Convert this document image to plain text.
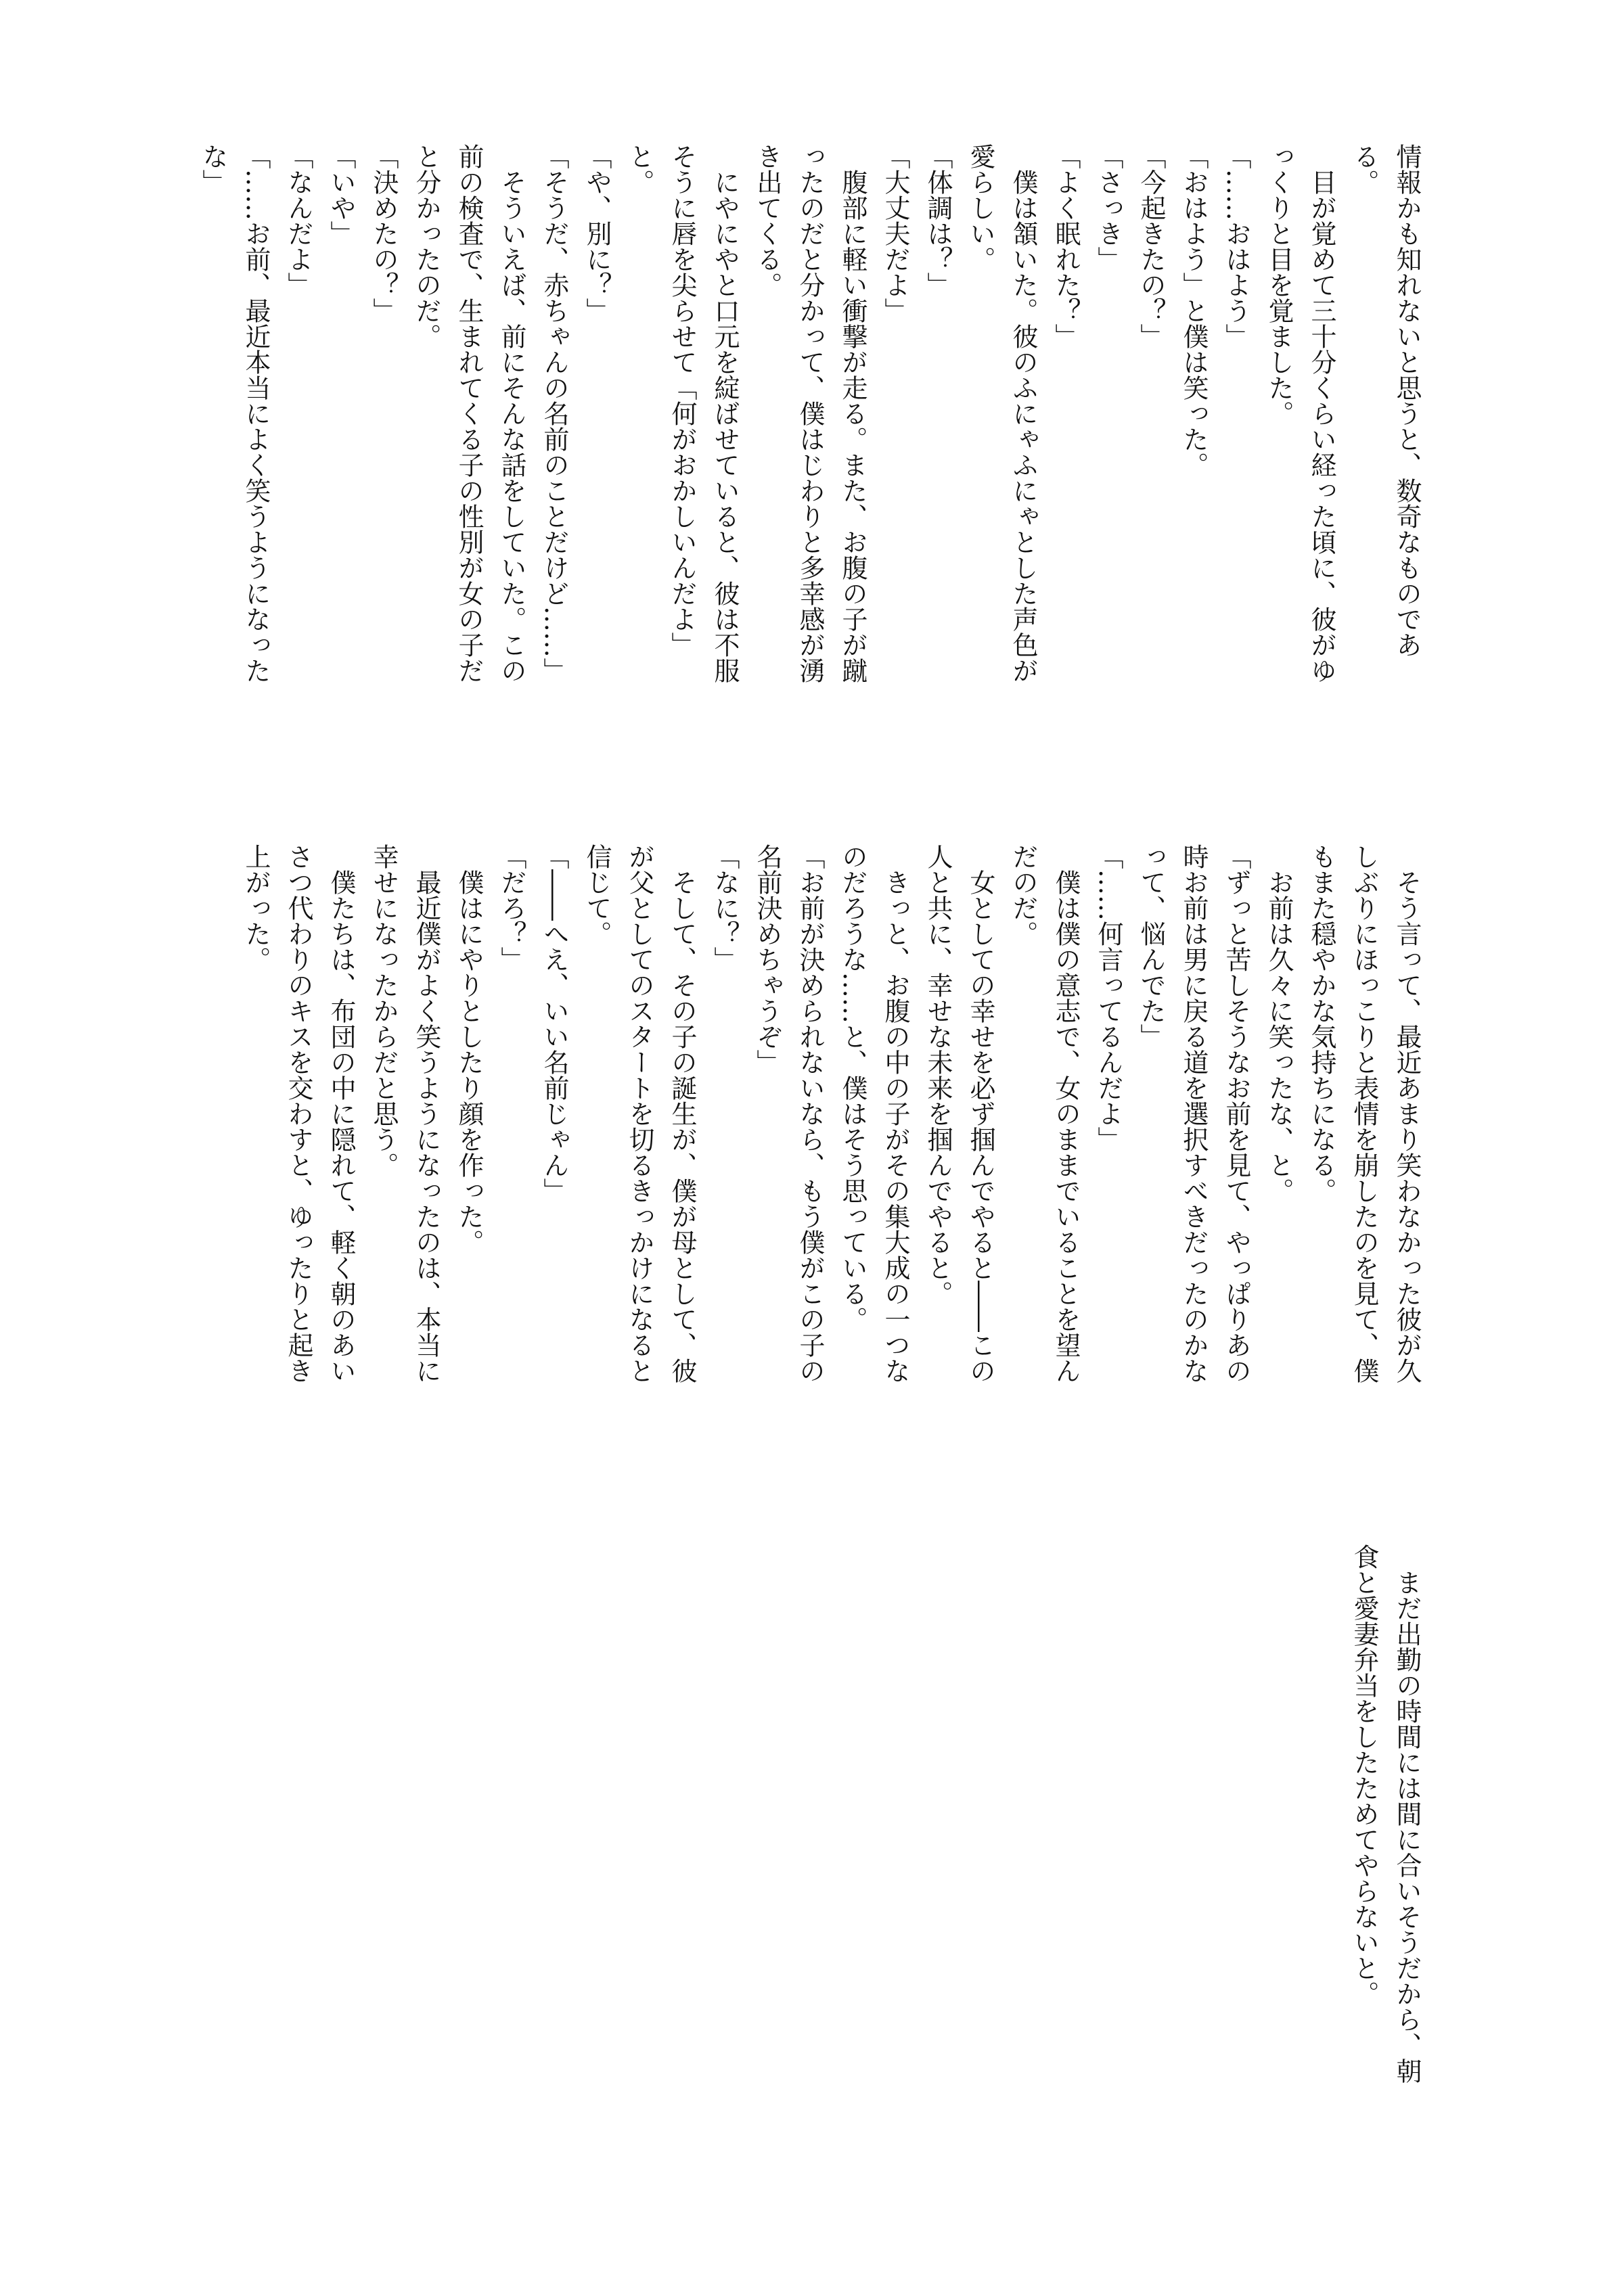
情報かも知れないと思うと、数奇なものであ

る。

　目が覚めて三十分くらい経った頃に、彼がゆ

っくりと目を覚ました。

「……おはよう」

「おはよう」と僕は笑った。

「今起きたの？」

「さっき」

「よく眠れた？」

　僕は頷いた。彼のふにゃふにゃとした声色が

愛らしい。

「体調は？」

「大丈夫だよ」

　腹部に軽い衝撃が走る。また、お腹の子が蹴

ったのだと分かって、僕はじわりと多幸感が湧

き出てくる。

　にやにやと口元を綻ばせていると、彼は不服

そうに唇を尖らせて「何がおかしいんだよ」

と。

「や、別に？」

「そうだ、赤ちゃんの名前のことだけど……」

　そういえば、前にそんな話をしていた。この

前の検査で、生まれてくる子の性別が女の子だ

と分かったのだ。

「決めたの？」

「いや」

「なんだよ」

「……お前、最近本当によく笑うようになった

な」

　そう言って、最近あまり笑わなかった彼が久

しぶりにほっこりと表情を崩したのを見て、僕

もまた穏やかな気持ちになる。

　お前は久々に笑ったな、と。

「ずっと苦しそうなお前を見て、やっぱりあの

時お前は男に戻る道を選択すべきだったのかな

って、悩んでた」

「……何言ってるんだよ」

　僕は僕の意志で、女のままでいることを望ん

だのだ。

　女としての幸せを必ず掴んでやると――この

人と共に、幸せな未来を掴んでやると。

　きっと、お腹の中の子がその集大成の一つな

のだろうな……と、僕はそう思っている。

「お前が決められないなら、もう僕がこの子の

名前決めちゃうぞ」

「なに？」

　そして、その子の誕生が、僕が母として、彼

が父としてのスタートを切るきっかけになると

信じて。

「――へえ、いい名前じゃん」

「だろ？」

　僕はにやりとしたり顔を作った。

　最近僕がよく笑うようになったのは、本当に

幸せになったからだと思う。

　僕たちは、布団の中に隠れて、軽く朝のあい

さつ代わりのキスを交わすと、ゆったりと起き

上がった。

　まだ出勤の時間には間に合いそうだから、朝

食と愛妻弁当をしたためてやらないと。
